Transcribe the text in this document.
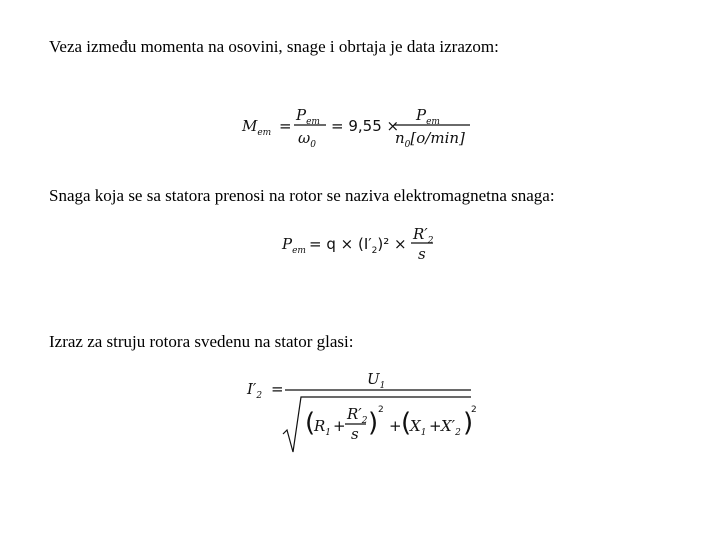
Veza između momenta na osovini, snage i obrtaja je data izrazom:
$M_{em}$ =
$P_{em}$
$\omega_0$
= 9,55 ×
$P_{em}$
$n_0[o/\min]$
Snaga koja se sa statora prenosi na rotor se naziva elektromagnetna snaga:
$P_{em} = q \times (I'_2)^2$ ×
$R'_2$
s
Izraz za struju rotora svedenu na stator glasi:
$I'_2$ =
$U_1$
(
$R_1$ +
$R'_2$
s ) 2
+ (
$X_1 + X'_2$ )
2
